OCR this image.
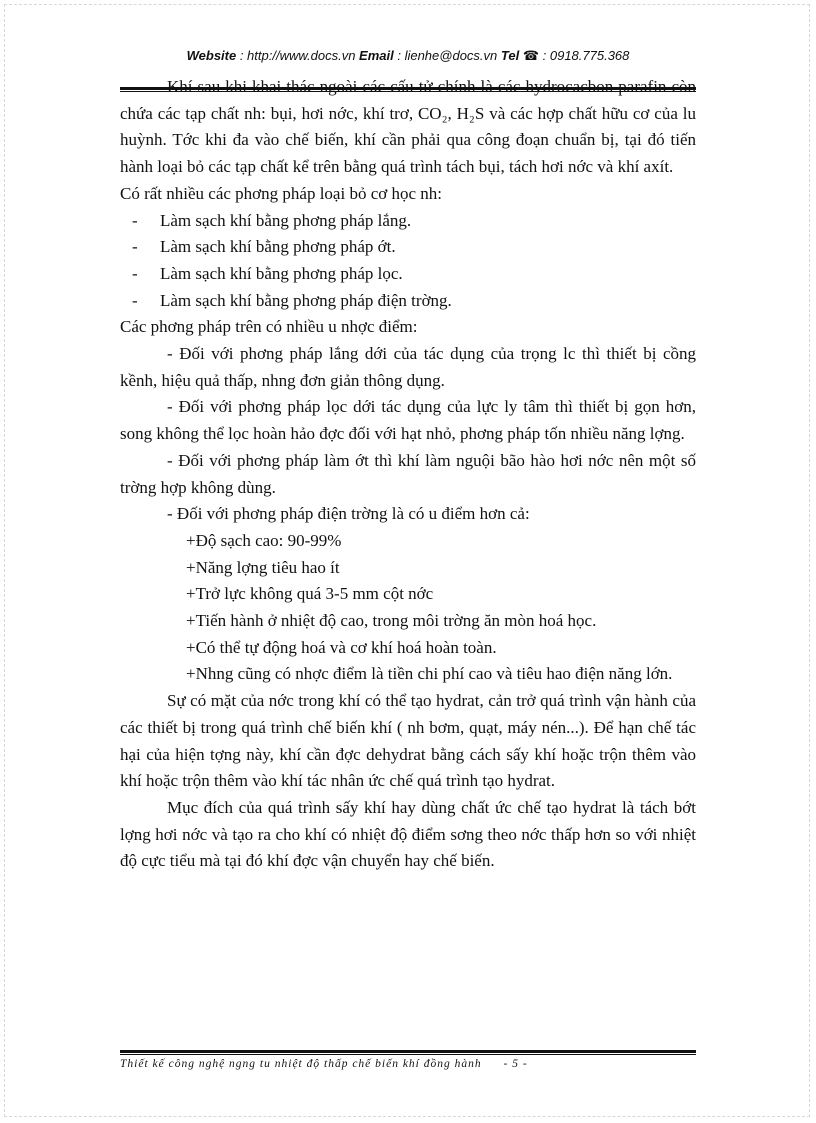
Website : http://www.docs.vn Email : lienhe@docs.vn Tel ☎ : 0918.775.368

Khí sau khi khai thác ngoài các cấu tử chính là các hydrocacbon parafin còn chứa các tạp chất nh: bụi, hơi nớc, khí trơ, CO₂, H₂S và các hợp chất hữu cơ của lu huỳnh. Tớc khi đa vào chế biến, khí cần phải qua công đoạn chuẩn bị, tại đó tiến hành loại bỏ các tạp chất kể trên bằng quá trình tách bụi, tách hơi nớc và khí axít.

Có rất nhiều các phơng pháp loại bỏ cơ học nh:

- Làm sạch khí bằng phơng pháp lắng.

- Làm sạch khí bằng phơng pháp ớt.

- Làm sạch khí bằng phơng pháp lọc.

- Làm sạch khí bằng phơng pháp điện trờng.

Các phơng pháp trên có nhiều u nhợc điểm:

- Đối với phơng pháp lắng dới của tác dụng của trọng lc thì thiết bị cồng kềnh, hiệu quả thấp, nhng đơn giản thông dụng.

- Đối với phơng pháp lọc dới tác dụng của lực ly tâm thì thiết bị gọn hơn, song không thể lọc hoàn hảo đợc đối với hạt nhỏ, phơng pháp tốn nhiều năng lợng.

- Đối với phơng pháp làm ớt thì khí làm nguội bão hào hơi nớc nên một số trờng hợp không dùng.

- Đối với phơng pháp điện trờng là có u điểm hơn cả:

+Độ sạch cao: 90-99%

+Năng lợng tiêu hao ít

+Trở lực không quá 3-5 mm cột nớc

+Tiến hành ở nhiệt độ cao, trong môi trờng ăn mòn hoá học.

+Có thể tự động hoá và cơ khí hoá hoàn toàn.

+Nhng cũng có nhợc điểm là tiền chi phí cao và tiêu hao điện năng lớn.

Sự có mặt của nớc trong khí có thể tạo hydrat, cản trở quá trình vận hành của các thiết bị trong quá trình chế biến khí ( nh bơm, quạt, máy nén...). Để hạn chế tác hại của hiện tợng này, khí cần đợc dehydrat bằng cách sấy khí hoặc trộn thêm vào khí hoặc trộn thêm vào khí tác nhân ức chế quá trình tạo hydrat.

Mục đích của quá trình sấy khí hay dùng chất ức chế tạo hydrat là tách bớt lợng hơi nớc và tạo ra cho khí có nhiệt độ điểm sơng theo nớc thấp hơn so với nhiệt độ cực tiểu mà tại đó khí đợc vận chuyển hay chế biến.

Thiết kế công nghệ ngng tu nhiệt độ thấp chế biến khí đồng hành - 5 -
